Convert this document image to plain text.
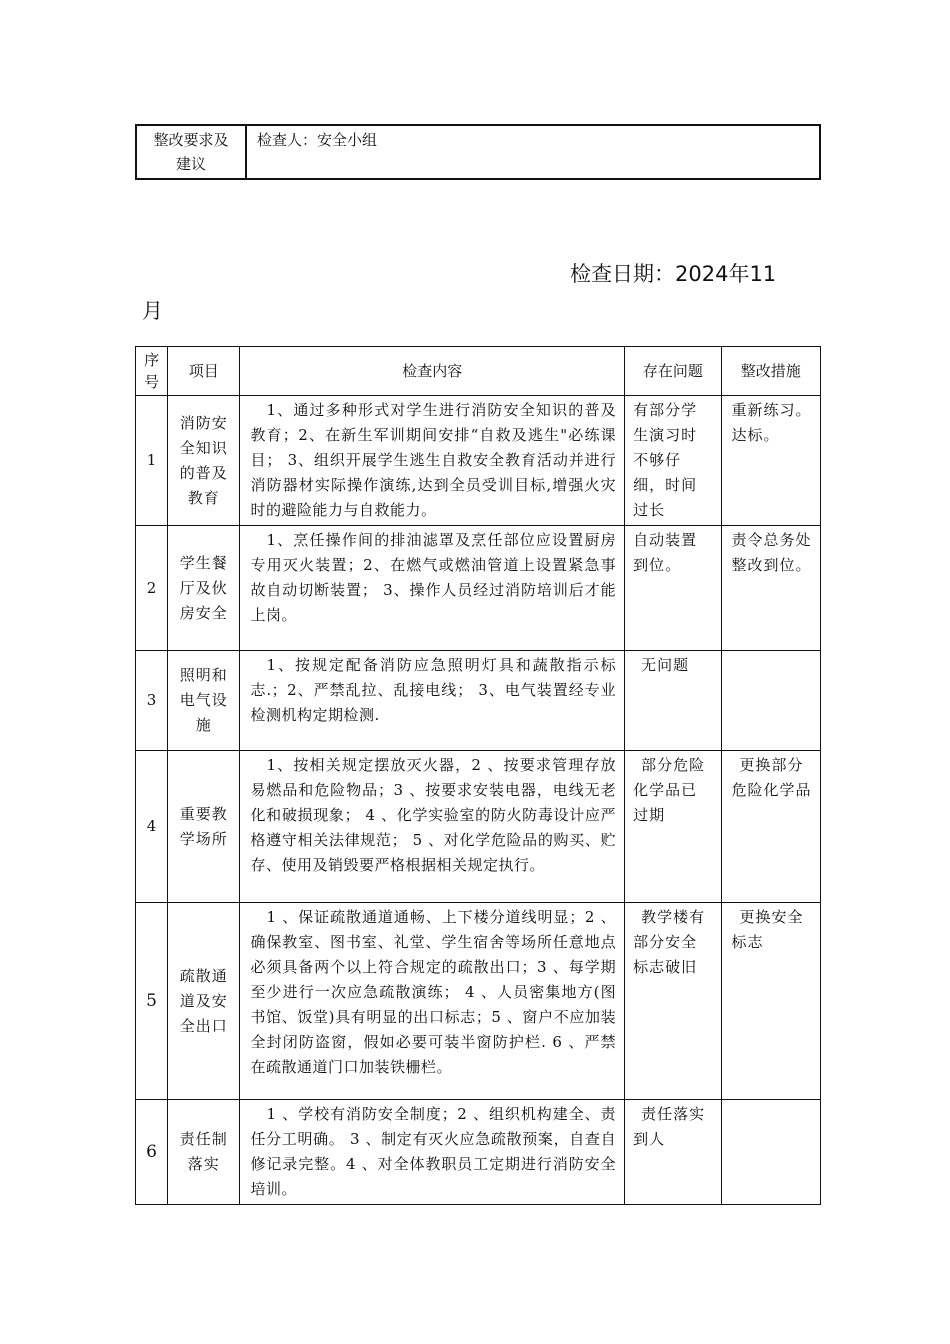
整改要求及
建议
	检查人：安全小组
检查日期：2024年11
月
序
号	项目	检查内容	存在问题	整改措施
1	消防安全知识的普及教育	1、通过多种形式对学生进行消防安全知识的普及教育；2、在新生军训期间安排“自救及逃生"必练课目； 3、组织开展学生逃生自救安全教育活动并进行消防器材实际操作演练,达到全员受训目标,增强火灾时的避险能力与自救能力。	有部分学生演习时不够仔细，时间过长	重新练习。达标。
2	学生餐厅及伙房安全	1、烹任操作间的排油滤罩及烹任部位应设置厨房专用灭火装置；2、在燃气或燃油管道上设置紧急事故自动切断装置； 3、操作人员经过消防培训后才能上岗。	自动装置到位。	责令总务处整改到位。
3	照明和电气设施	1、按规定配备消防应急照明灯具和蔬散指示标志.；2、严禁乱拉、乱接电线； 3、电气装置经专业检测机构定期检测.	无问题	
4	重要教学场所	1、按相关规定摆放灭火器，2 、按要求管理存放易燃品和危险物品；3 、按要求安装电器，电线无老化和破损现象； 4 、化学实验室的防火防毒设计应严格遵守相关法律规范； 5 、对化学危险品的购买、贮存、使用及销毁要严格根据相关规定执行。	部分危险化学品已过期	更换部分危险化学品
5	疏散通道及安全出口	1 、保证疏散通道通畅、上下楼分道线明显；2 、确保教室、图书室、礼堂、学生宿舍等场所任意地点必须具备两个以上符合规定的疏散出口；3 、每学期至少进行一次应急疏散演练； 4 、人员密集地方(图书馆、饭堂)具有明显的出口标志；5 、窗户不应加装全封闭防盗窗，假如必要可装半窗防护栏. 6 、严禁在疏散通道门口加装铁栅栏。	教学楼有部分安全标志破旧	更换安全标志
6	责任制落实	1 、学校有消防安全制度；2 、组织机构建全、责任分工明确。 3 、制定有灭火应急疏散预案，自查自修记录完整。4 、对全体教职员工定期进行消防安全培训。	责任落实到人	
